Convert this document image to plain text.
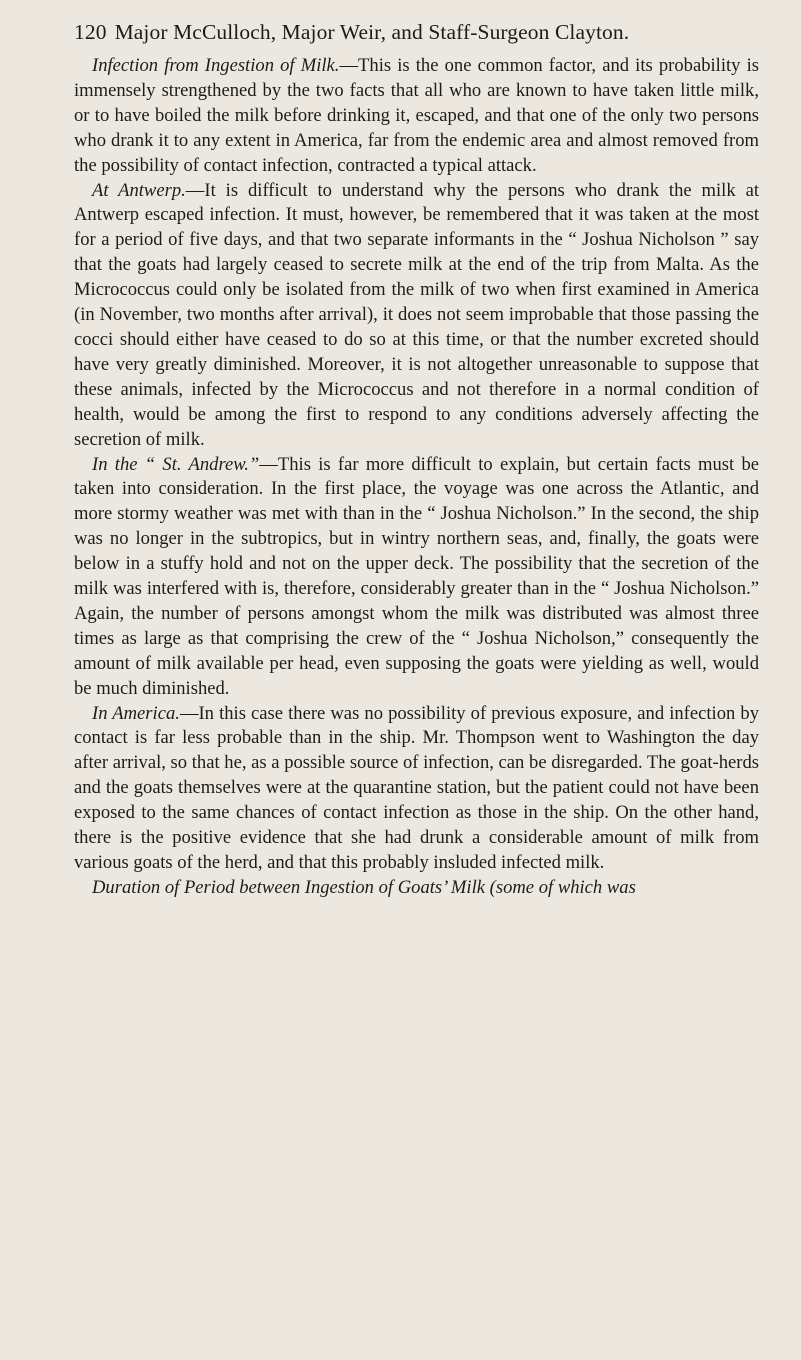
120 Major McCulloch, Major Weir, and Staff-Surgeon Clayton.

Infection from Ingestion of Milk.—This is the one common factor, and its probability is immensely strengthened by the two facts that all who are known to have taken little milk, or to have boiled the milk before drinking it, escaped, and that one of the only two persons who drank it to any extent in America, far from the endemic area and almost removed from the possibility of contact infection, contracted a typical attack.

At Antwerp.—It is difficult to understand why the persons who drank the milk at Antwerp escaped infection. It must, however, be remembered that it was taken at the most for a period of five days, and that two separate informants in the “ Joshua Nicholson ” say that the goats had largely ceased to secrete milk at the end of the trip from Malta. As the Micrococcus could only be isolated from the milk of two when first examined in America (in November, two months after arrival), it does not seem improbable that those passing the cocci should either have ceased to do so at this time, or that the number excreted should have very greatly diminished. Moreover, it is not altogether unreasonable to suppose that these animals, infected by the Micrococcus and not therefore in a normal condition of health, would be among the first to respond to any conditions adversely affecting the secretion of milk.

In the “ St. Andrew.”—This is far more difficult to explain, but certain facts must be taken into consideration. In the first place, the voyage was one across the Atlantic, and more stormy weather was met with than in the “ Joshua Nicholson.” In the second, the ship was no longer in the subtropics, but in wintry northern seas, and, finally, the goats were below in a stuffy hold and not on the upper deck. The possibility that the secretion of the milk was interfered with is, therefore, considerably greater than in the “ Joshua Nicholson.” Again, the number of persons amongst whom the milk was distributed was almost three times as large as that comprising the crew of the “ Joshua Nicholson,” consequently the amount of milk available per head, even supposing the goats were yielding as well, would be much diminished.

In America.—In this case there was no possibility of previous exposure, and infection by contact is far less probable than in the ship. Mr. Thompson went to Washington the day after arrival, so that he, as a possible source of infection, can be disregarded. The goat-herds and the goats themselves were at the quarantine station, but the patient could not have been exposed to the same chances of contact infection as those in the ship. On the other hand, there is the positive evidence that she had drunk a considerable amount of milk from various goats of the herd, and that this probably insluded infected milk.

Duration of Period between Ingestion of Goats’ Milk (some of which was
